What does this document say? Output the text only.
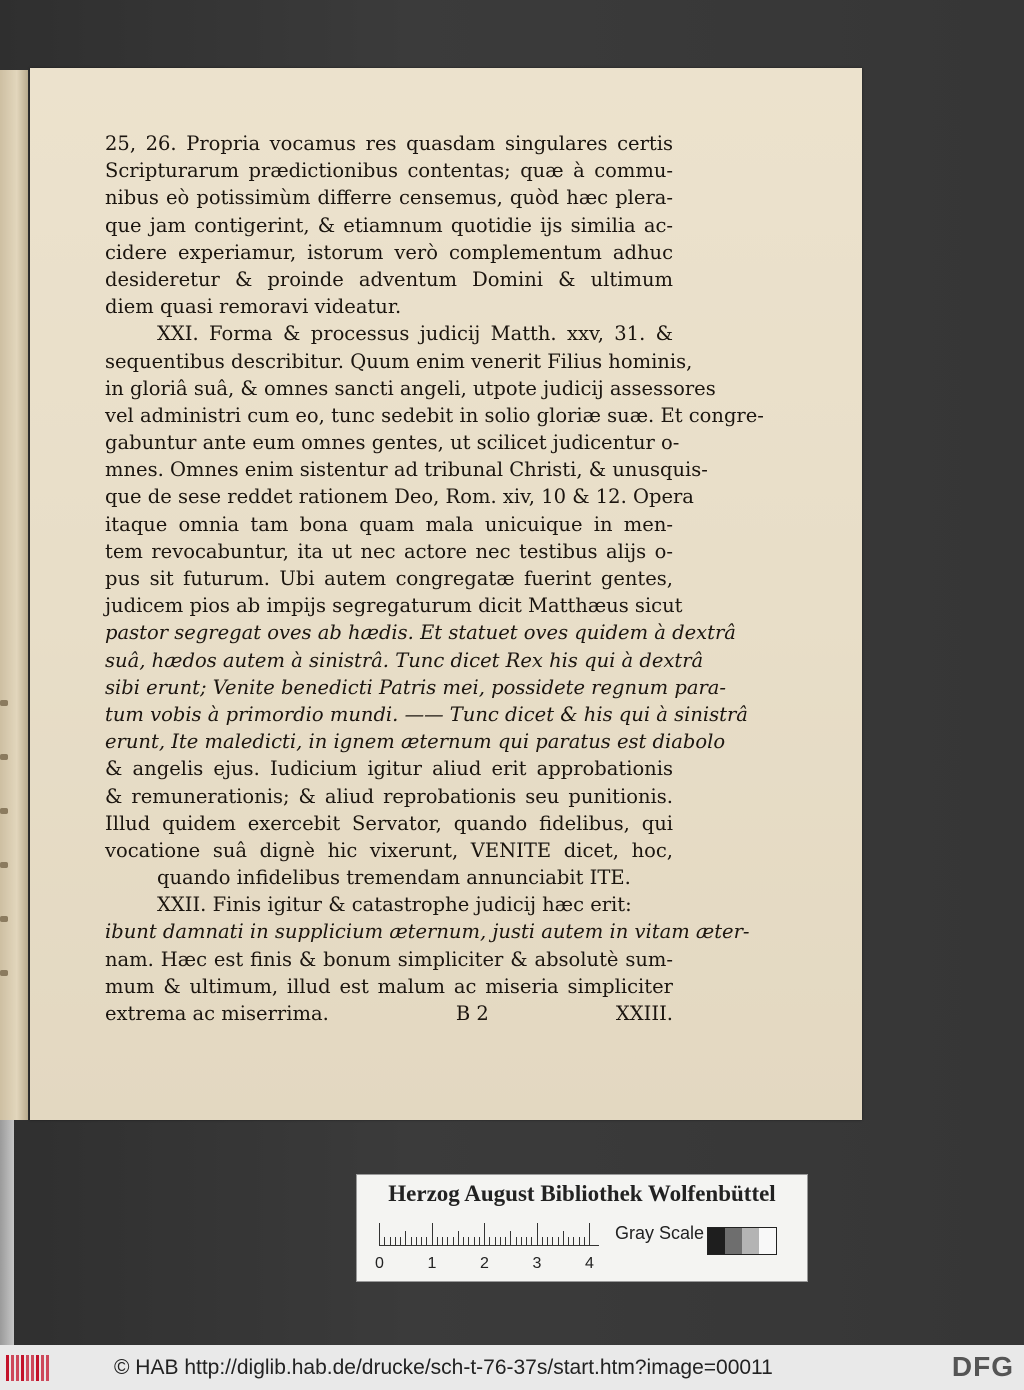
25, 26. Propria vocamus res quasdam singulares certis
Scripturarum prædictionibus contentas; quæ à commu-
nibus eò potissimùm differre censemus, quòd hæc plera-
que jam contigerint, & etiamnum quotidie ijs similia ac-
cidere experiamur, istorum verò complementum adhuc
desideretur & proinde adventum Domini & ultimum
diem quasi remoravi videatur.
XXI. Forma & processus judicij Matth. xxv, 31. &
sequentibus describitur. Quum enim venerit Filius hominis,
in gloriâ suâ, & omnes sancti angeli, utpote judicij assessores
vel administri cum eo, tunc sedebit in solio gloriæ suæ. Et congre-
gabuntur ante eum omnes gentes, ut scilicet judicentur o-
mnes. Omnes enim sistentur ad tribunal Christi, & unusquis-
que de sese reddet rationem Deo, Rom. xiv, 10 & 12. Opera
itaque omnia tam bona quam mala unicuique in men-
tem revocabuntur, ita ut nec actore nec testibus alijs o-
pus sit futurum. Ubi autem congregatæ fuerint gentes,
judicem pios ab impijs segregaturum dicit Matthæus sicut
pastor segregat oves ab hædis. Et statuet oves quidem à dextrâ
suâ, hædos autem à sinistrâ. Tunc dicet Rex his qui à dextrâ
sibi erunt; Venite benedicti Patris mei, possidete regnum para-
tum vobis à primordio mundi. —— Tunc dicet & his qui à sinistrâ
erunt, Ite maledicti, in ignem æternum qui paratus est diabolo
& angelis ejus. Iudicium igitur aliud erit approbationis
& remunerationis; & aliud reprobationis seu punitionis.
Illud quidem exercebit Servator, quando fidelibus, qui
vocatione suâ dignè hic vixerunt, VENITE dicet, hoc,
quando infidelibus tremendam annunciabit ITE.
XXII. Finis igitur & catastrophe judicij hæc erit:
ibunt damnati in supplicium æternum, justi autem in vitam æter-
nam. Hæc est finis & bonum simpliciter & absolutè sum-
mum & ultimum, illud est malum ac miseria simpliciter
extrema ac miserrima.	B 2	XXIII.
Herzog August Bibliothek Wolfenbüttel
0	1	2	3	4
Gray Scale
© HAB http://diglib.hab.de/drucke/sch-t-76-37s/start.htm?image=00011	DFG
